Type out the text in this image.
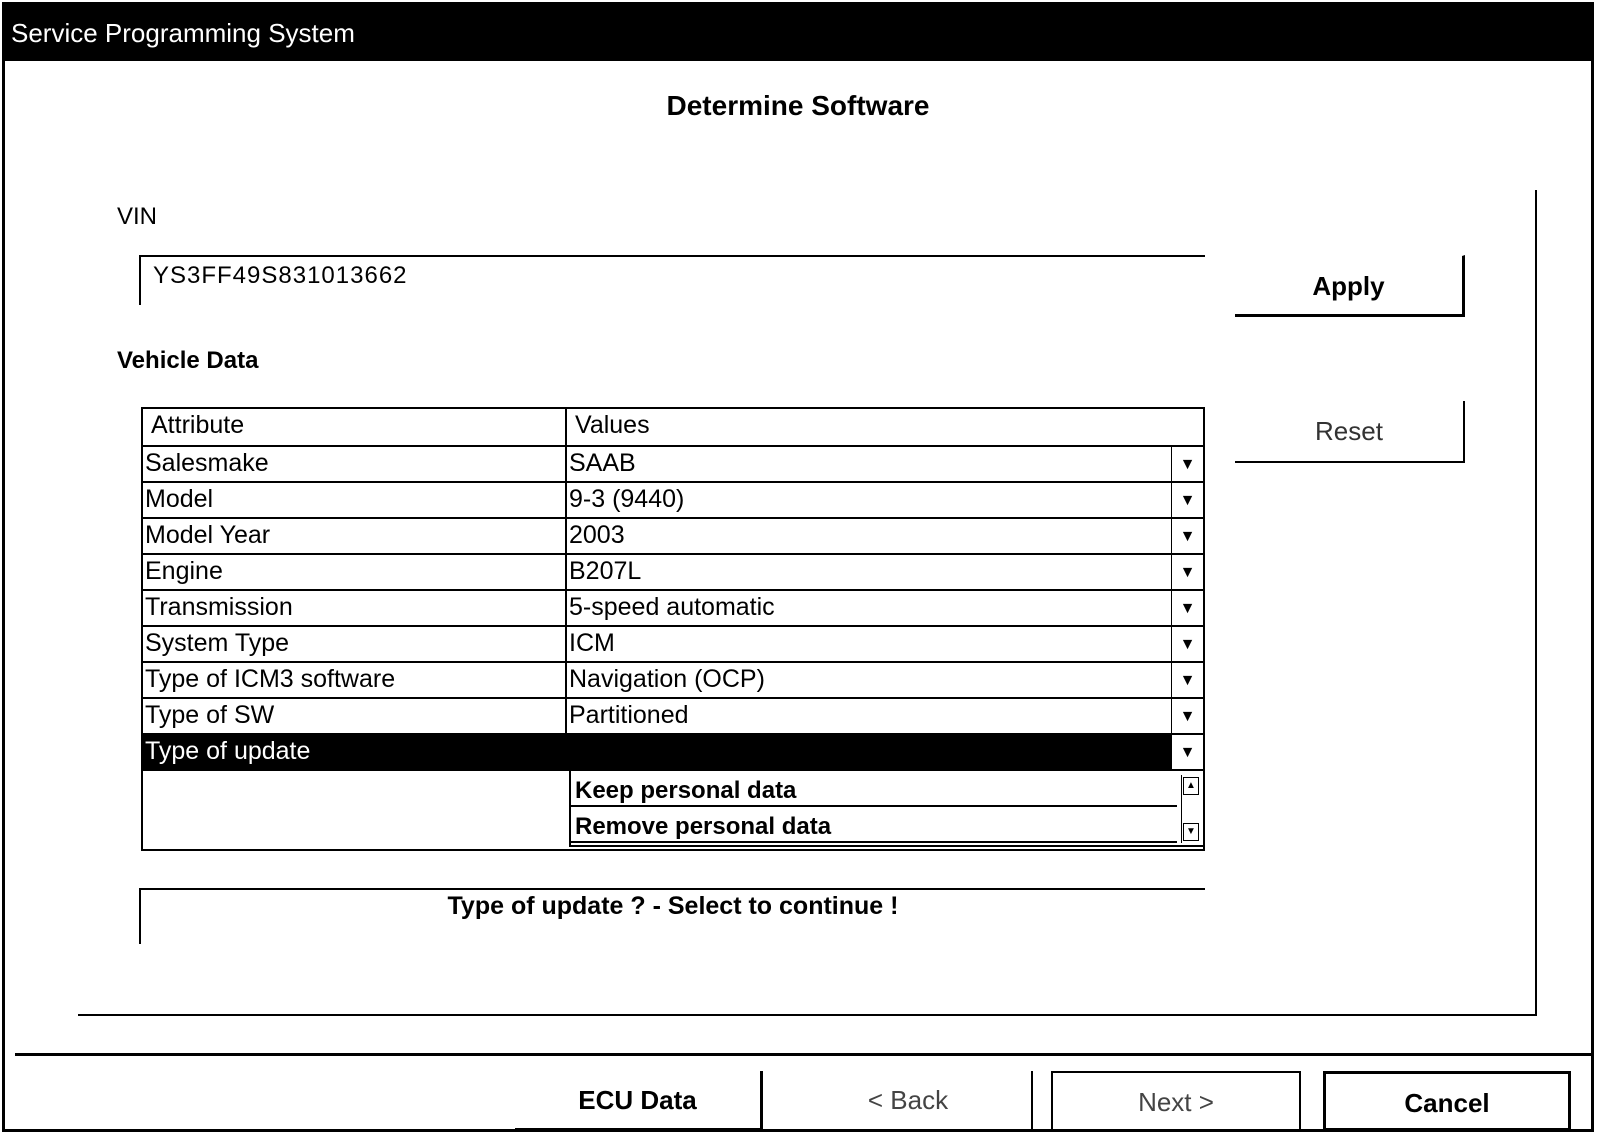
Service Programming System
Determine Software
VIN
YS3FF49S831013662	Apply
Vehicle Data
Reset
Attribute	Values
Salesmake	SAAB	▼
Model	9-3 (9440)	▼
Model Year	2003	▼
Engine	B207L	▼
Transmission	5-speed automatic	▼
System Type	ICM	▼
Type of ICM3 software	Navigation (OCP)	▼
Type of SW	Partitioned	▼
Type of update	▼
Keep personal data
Remove personal data
▲
▼
Type of update ? - Select to continue !
ECU Data	< Back	Next >	Cancel
